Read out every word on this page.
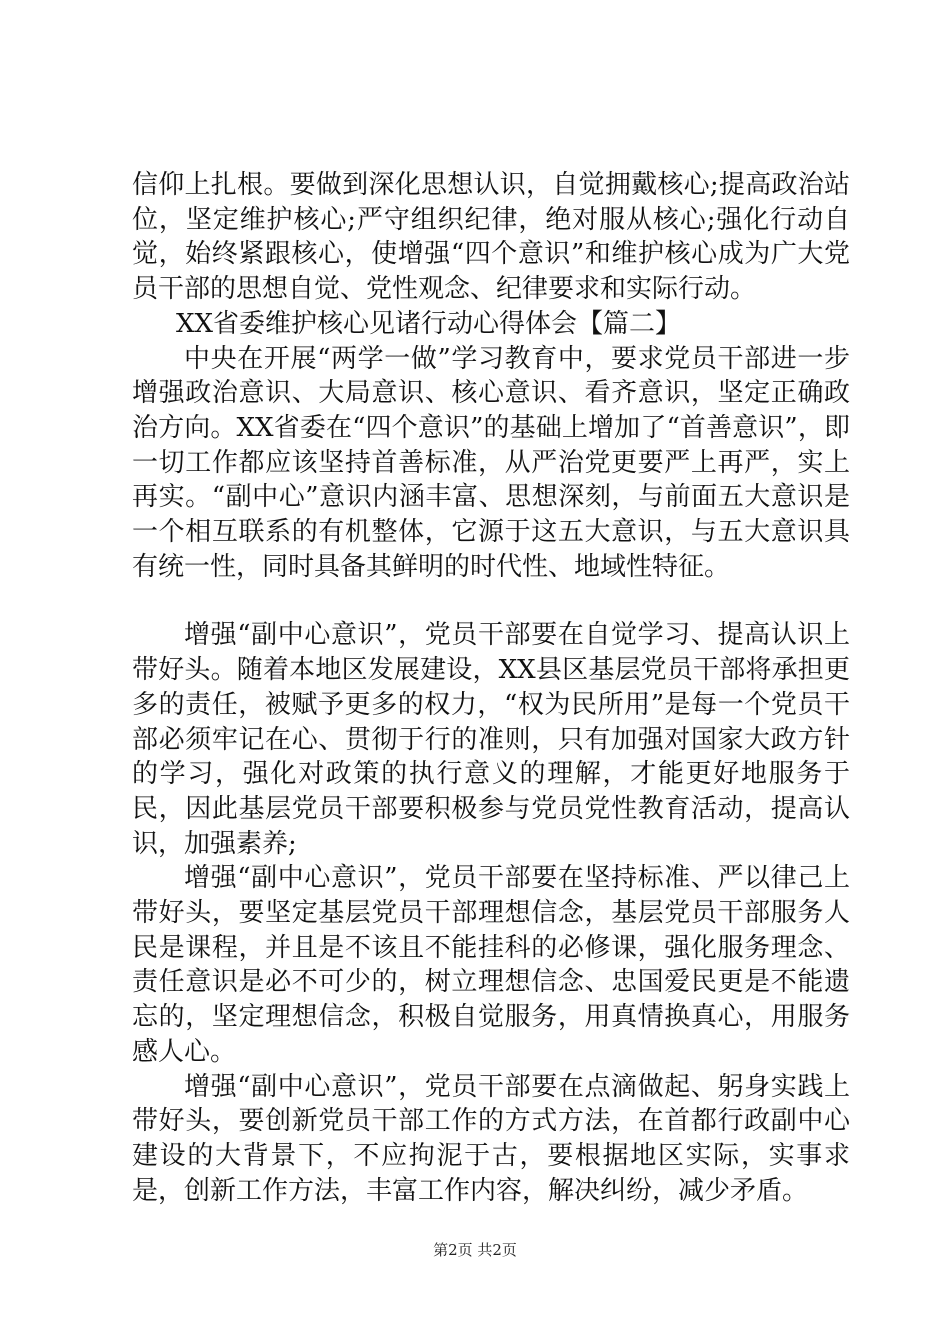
信仰上扎根。要做到深化思想认识，自觉拥戴核心;提高政治站位，坚定维护核心;严守组织纪律，绝对服从核心;强化行动自觉，始终紧跟核心，使增强“四个意识”和维护核心成为广大党员干部的思想自觉、党性观念、纪律要求和实际行动。

XX省委维护核心见诸行动心得体会【篇二】

中央在开展“两学一做”学习教育中，要求党员干部进一步增强政治意识、大局意识、核心意识、看齐意识，坚定正确政治方向。XX省委在“四个意识”的基础上增加了“首善意识”，即一切工作都应该坚持首善标准，从严治党更要严上再严，实上再实。“副中心”意识内涵丰富、思想深刻，与前面五大意识是一个相互联系的有机整体，它源于这五大意识，与五大意识具有统一性，同时具备其鲜明的时代性、地域性特征。

增强“副中心意识”，党员干部要在自觉学习、提高认识上带好头。随着本地区发展建设，XX县区基层党员干部将承担更多的责任，被赋予更多的权力，“权为民所用”是每一个党员干部必须牢记在心、贯彻于行的准则，只有加强对国家大政方针的学习，强化对政策的执行意义的理解，才能更好地服务于民，因此基层党员干部要积极参与党员党性教育活动，提高认识，加强素养;

增强“副中心意识”，党员干部要在坚持标准、严以律己上带好头，要坚定基层党员干部理想信念，基层党员干部服务人民是课程，并且是不该且不能挂科的必修课，强化服务理念、责任意识是必不可少的，树立理想信念、忠国爱民更是不能遗忘的，坚定理想信念，积极自觉服务，用真情换真心，用服务感人心。

增强“副中心意识”，党员干部要在点滴做起、躬身实践上带好头，要创新党员干部工作的方式方法，在首都行政副中心建设的大背景下，不应拘泥于古，要根据地区实际，实事求是，创新工作方法，丰富工作内容，解决纠纷，减少矛盾。

第2页 共2页
